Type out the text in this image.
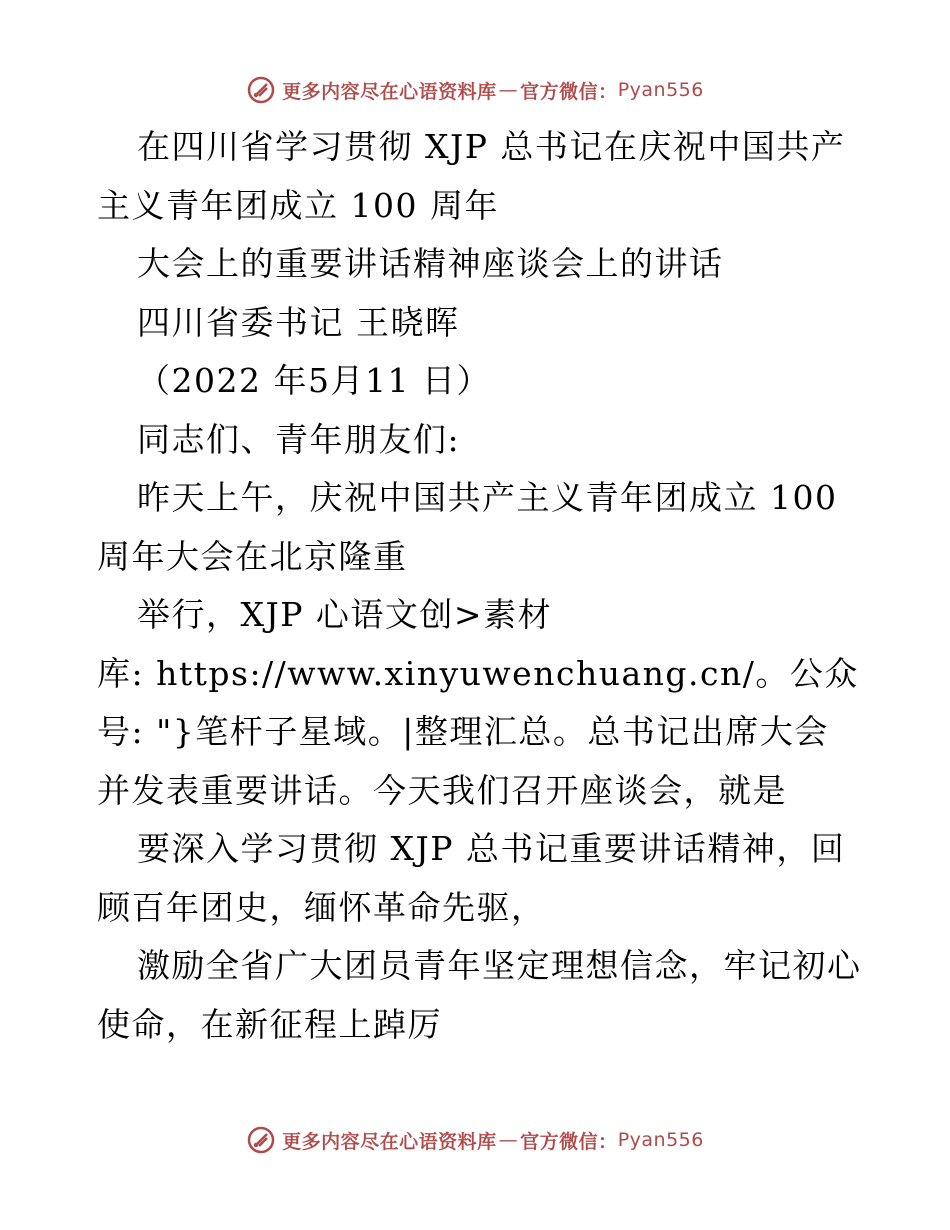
更多内容尽在心语资料库 — 官方微信： Pyan556
在四川省学习贯彻 XJP 总书记在庆祝中国共产
主义青年团成立 100 周年
大会上的重要讲话精神座谈会上的讲话
四川省委书记 王晓晖
（2022 年5月11 日）
同志们、青年朋友们:
昨天上午，庆祝中国共产主义青年团成立 100
周年大会在北京隆重
举行，XJP 心语文创>素材
库: https://www.xinyuwenchuang.cn/。公众
号: "}笔杆子星域。|整理汇总。总书记出席大会
并发表重要讲话。今天我们召开座谈会，就是
要深入学习贯彻 XJP 总书记重要讲话精神，回
顾百年团史，缅怀革命先驱，
激励全省广大团员青年坚定理想信念，牢记初心
使命，在新征程上踔厉
更多内容尽在心语资料库 — 官方微信： Pyan556
